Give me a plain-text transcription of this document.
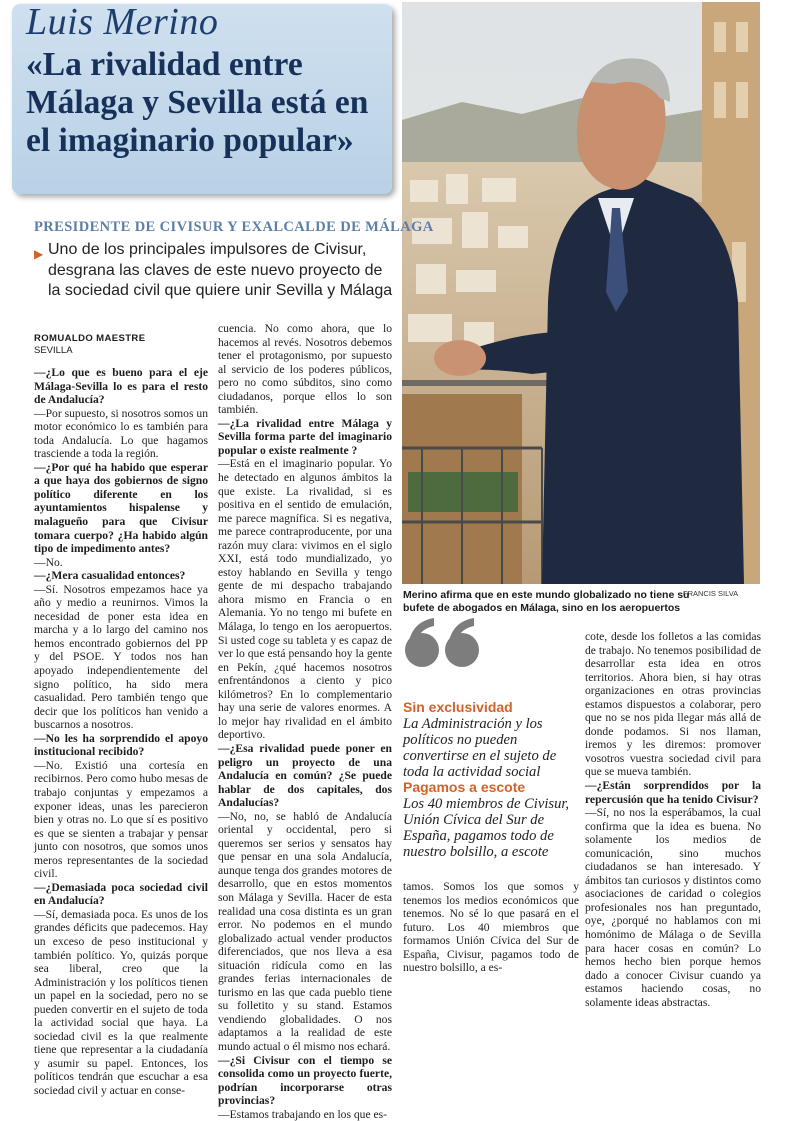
Luis Merino
«La rivalidad entre Málaga y Sevilla está en el imaginario popular»
PRESIDENTE DE CIVISUR Y EXALCALDE DE MÁLAGA
▶ Uno de los principales impulsores de Civisur, desgrana las claves de este nuevo proyecto de la sociedad civil que quiere unir Sevilla y Málaga
ROMUALDO MAESTRE
SEVILLA

—¿Lo que es bueno para el eje Málaga-Sevilla lo es para el resto de Andalucía?

—Por supuesto, si nosotros somos un motor económico lo es también para toda Andalucía. Lo que hagamos trasciende a toda la región.

—¿Por qué ha habido que esperar a que haya dos gobiernos de signo político diferente en los ayuntamientos hispalense y malagueño para que Civisur tomara cuerpo? ¿Ha habido algún tipo de impedimento antes?

—No.

—¿Mera casualidad entonces?

—Sí. Nosotros empezamos hace ya año y medio a reunirnos. Vimos la necesidad de poner esta idea en marcha y a lo largo del camino nos hemos encontrado gobiernos del PP y del PSOE. Y todos nos han apoyado independientemente del signo político, ha sido mera casualidad. Pero también tengo que decir que los políticos han venido a buscarnos a nosotros.

—No les ha sorprendido el apoyo institucional recibido?

—No. Existió una cortesía en recibirnos. Pero como hubo mesas de trabajo conjuntas y empezamos a exponer ideas, unas les parecieron bien y otras no. Lo que sí es positivo es que se sienten a trabajar y pensar junto con nosotros, que somos unos meros representantes de la sociedad civil.

—¿Demasiada poca sociedad civil en Andalucía?

—Sí, demasiada poca. Es unos de los grandes déficits que padecemos. Hay un exceso de peso institucional y también político. Yo, quizás porque sea liberal, creo que la Administración y los políticos tienen un papel en la sociedad, pero no se pueden convertir en el sujeto de toda la actividad social que haya. La sociedad civil es la que realmente tiene que representar a la ciudadanía y asumir su papel. Entonces, los políticos tendrán que escuchar a esa sociedad civil y actuar en conse-

cuencia. No como ahora, que lo hacemos al revés. Nosotros debemos tener el protagonismo, por supuesto al servicio de los poderes públicos, pero no como súbditos, sino como ciudadanos, porque ellos lo son también.

—¿La rivalidad entre Málaga y Sevilla forma parte del imaginario popular o existe realmente ?

—Está en el imaginario popular. Yo he detectado en algunos ámbitos la que existe. La rivalidad, si es positiva en el sentido de emulación, me parece magnífica. Si es negativa, me parece contraproducente, por una razón muy clara: vivimos en el siglo XXI, está todo mundializado, yo estoy hablando en Sevilla y tengo gente de mi despacho trabajando ahora mismo en Francia o en Alemania. Yo no tengo mi bufete en Málaga, lo tengo en los aeropuertos. Si usted coge su tableta y es capaz de ver lo que está pensando hoy la gente en Pekín, ¿qué hacemos nosotros enfrentándonos a ciento y pico kilómetros? En lo complementario hay una serie de valores enormes. A lo mejor hay rivalidad en el ámbito deportivo.

—¿Esa rivalidad puede poner en peligro un proyecto de una Andalucía en común? ¿Se puede hablar de dos capitales, dos Andalucías?

—No, no, se habló de Andalucía oriental y occidental, pero si queremos ser serios y sensatos hay que pensar en una sola Andalucía, aunque tenga dos grandes motores de desarrollo, que en estos momentos son Málaga y Sevilla. Hacer de esta realidad una cosa distinta es un gran error. No podemos en el mundo globalizado actual vender productos diferenciados, que nos lleva a esa situación ridícula como en las grandes ferias internacionales de turismo en las que cada pueblo tiene su folletito y su stand. Estamos vendiendo globalidades. O nos adaptamos a la realidad de este mundo actual o él mismo nos echará.

—¿Si Civisur con el tiempo se consolida como un proyecto fuerte, podrían incorporarse otras provincias?

—Estamos trabajando en los que es-

Merino afirma que en este mundo globalizado no tiene su bufete de abogados en Málaga, sino en los aeropuertos
FRANCIS SILVA
Sin exclusividad
La Administración y los políticos no pueden convertirse en el sujeto de toda la actividad social
Pagamos a escote
Los 40 miembros de Civisur, Unión Cívica del Sur de España, pagamos todo de nuestro bolsillo, a escote

tamos. Somos los que somos y tenemos los medios económicos que tenemos. No sé lo que pasará en el futuro. Los 40 miembros que formamos Unión Cívica del Sur de España, Civisur, pagamos todo de nuestro bolsillo, a es-

cote, desde los folletos a las comidas de trabajo. No tenemos posibilidad de desarrollar esta idea en otros territorios. Ahora bien, si hay otras organizaciones en otras provincias estamos dispuestos a colaborar, pero que no se nos pida llegar más allá de donde podamos. Si nos llaman, iremos y les diremos: promover vosotros vuestra sociedad civil para que se mueva también.

—¿Están sorprendidos por la repercusión que ha tenido Civisur?

—Sí, no nos la esperábamos, la cual confirma que la idea es buena. No solamente los medios de comunicación, sino muchos ciudadanos se han interesado. Y ámbitos tan curiosos y distintos como asociaciones de caridad o colegios profesionales nos han preguntado, oye, ¿porqué no hablamos con mi homónimo de Málaga o de Sevilla para hacer cosas en común? Lo hemos hecho bien porque hemos dado a conocer Civisur cuando ya estamos haciendo cosas, no solamente ideas abstractas.
